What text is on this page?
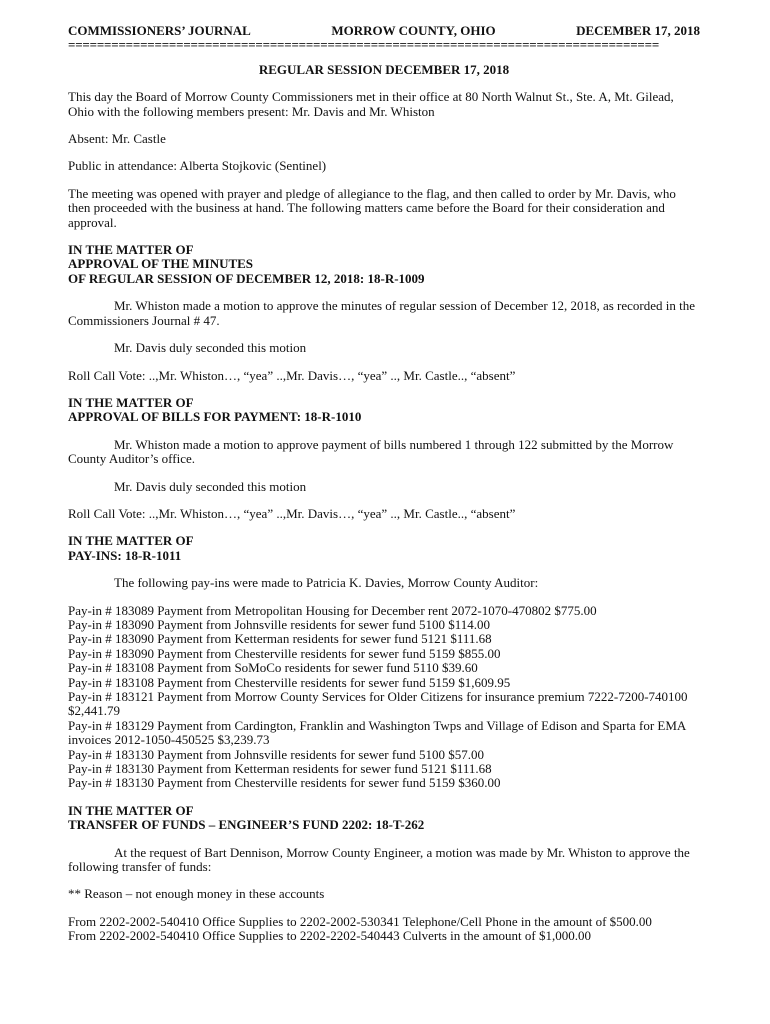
COMMISSIONERS’ JOURNAL	MORROW COUNTY, OHIO	DECEMBER 17, 2018
==================================================================================
REGULAR SESSION DECEMBER 17, 2018

This day the Board of Morrow County Commissioners met in their office at 80 North Walnut St., Ste. A, Mt. Gilead, Ohio with the following members present: Mr. Davis and Mr. Whiston

Absent: Mr. Castle

Public in attendance: Alberta Stojkovic (Sentinel)

The meeting was opened with prayer and pledge of allegiance to the flag, and then called to order by Mr. Davis, who then proceeded with the business at hand. The following matters came before the Board for their consideration and approval.

IN THE MATTER OF
APPROVAL OF THE MINUTES
OF REGULAR SESSION OF DECEMBER 12, 2018: 18-R-1009

Mr. Whiston made a motion to approve the minutes of regular session of December 12, 2018, as recorded in the Commissioners Journal # 47.

Mr. Davis duly seconded this motion

Roll Call Vote: ..,Mr. Whiston…, “yea” ..,Mr. Davis…, “yea” .., Mr. Castle.., “absent”

IN THE MATTER OF
APPROVAL OF BILLS FOR PAYMENT: 18-R-1010

Mr. Whiston made a motion to approve payment of bills numbered 1 through 122 submitted by the Morrow County Auditor’s office.

Mr. Davis duly seconded this motion

Roll Call Vote: ..,Mr. Whiston…, “yea” ..,Mr. Davis…, “yea” .., Mr. Castle.., “absent”

IN THE MATTER OF
PAY-INS: 18-R-1011

The following pay-ins were made to Patricia K. Davies, Morrow County Auditor:

Pay-in # 183089 Payment from Metropolitan Housing for December rent 2072-1070-470802 $775.00

Pay-in # 183090 Payment from Johnsville residents for sewer fund 5100 $114.00

Pay-in # 183090 Payment from Ketterman residents for sewer fund 5121 $111.68

Pay-in # 183090 Payment from Chesterville residents for sewer fund 5159 $855.00

Pay-in # 183108 Payment from SoMoCo residents for sewer fund 5110 $39.60

Pay-in # 183108 Payment from Chesterville residents for sewer fund 5159 $1,609.95

Pay-in # 183121 Payment from Morrow County Services for Older Citizens for insurance premium 7222-7200-740100 $2,441.79

Pay-in # 183129 Payment from Cardington, Franklin and Washington Twps and Village of Edison and Sparta for EMA invoices 2012-1050-450525 $3,239.73

Pay-in # 183130 Payment from Johnsville residents for sewer fund 5100 $57.00

Pay-in # 183130 Payment from Ketterman residents for sewer fund 5121 $111.68

Pay-in # 183130 Payment from Chesterville residents for sewer fund 5159 $360.00

IN THE MATTER OF
TRANSFER OF FUNDS – ENGINEER’S FUND 2202: 18-T-262

At the request of Bart Dennison, Morrow County Engineer, a motion was made by Mr. Whiston to approve the following transfer of funds:

** Reason – not enough money in these accounts

From 2202-2002-540410 Office Supplies to 2202-2002-530341 Telephone/Cell Phone in the amount of $500.00

From 2202-2002-540410 Office Supplies to 2202-2202-540443 Culverts in the amount of $1,000.00
